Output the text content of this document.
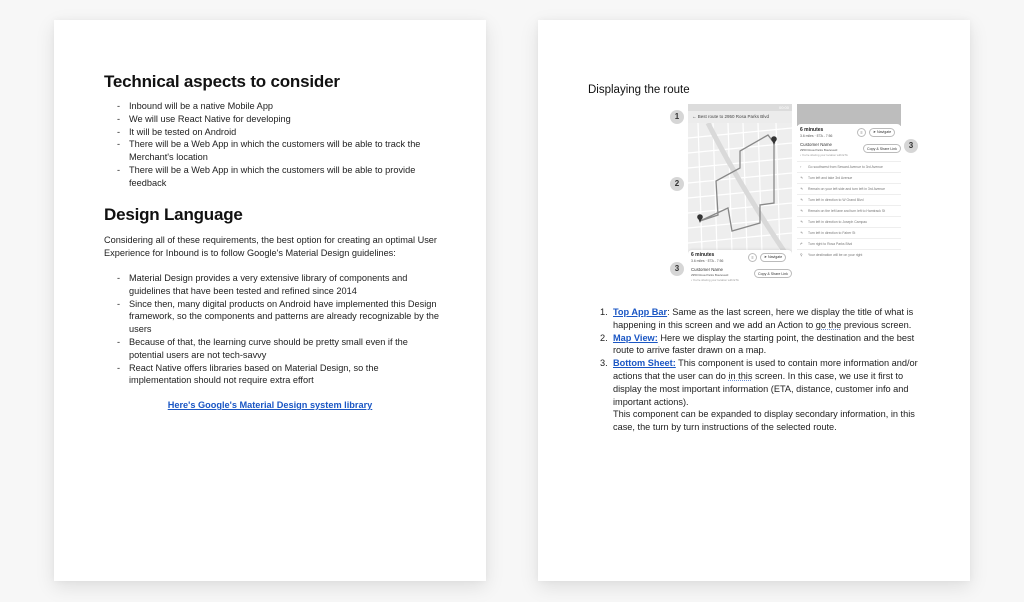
Technical aspects to consider
- Inbound will be a native Mobile App
- We will use React Native for developing
- It will be tested on Android
- There will be a Web App in which the customers will be able to track the Merchant's location
- There will be a Web App in which the customers will be able to provide feedback
Design Language

Considering all of these requirements, the best option for creating an optimal User Experience for Inbound is to follow Google's Material Design guidelines:

- Material Design provides a very extensive library of components and guidelines that have been tested and refined since 2014
- Since then, many digital products on Android have implemented this Design framework, so the components and patterns are already recognizable by the users
- Because of that, the learning curve should be pretty small even if the potential users are not tech-savvy
- React Native offers libraries based on Material Design, so the implementation should not require extra effort
Here's Google's Material Design system library
Displaying the route
1
2
3
3
00:00
← Best route to 2950 Rosa Parks Blvd
6 minutes
3.6 miles · ETA - 7:56
≡	➤ Navigate
Customer Name
2950 Rosa Parks Boulevard
• You're sharing your location with ETA
Copy & Share Link
6 minutes
3.6 miles · ETA - 7:56
≡	➤ Navigate
Customer Name
2950 Rosa Parks Boulevard
• You're sharing your location with ETA
Copy & Share Link
↑ Go southwest from Seward Avenue to 3rd Avenue
↰ Turn left and take 3rd Avenue
↰ Remain on your left side and turn left in 3rd Avenue
↰ Turn left in direction to W Grand Blvd
↰ Remain on the left lane and turn left to Hamtrack St
↰ Turn left in direction to Joseph Campau
↰ Turn left in direction to Faber St
↱ Turn right to Rosa Parks Blvd
⚲ Your destination will be on your right
1. Top App Bar: Same as the last screen, here we display the title of what is happening in this screen and we add an Action to go the previous screen.
2. Map View: Here we display the starting point, the destination and the best route to arrive faster drawn on a map.
3. Bottom Sheet: This component is used to contain more information and/or actions that the user can do in this screen. In this case, we use it first to display the most important information (ETA, distance, customer info and important actions).
This component can be expanded to display secondary information, in this case, the turn by turn instructions of the selected route.
